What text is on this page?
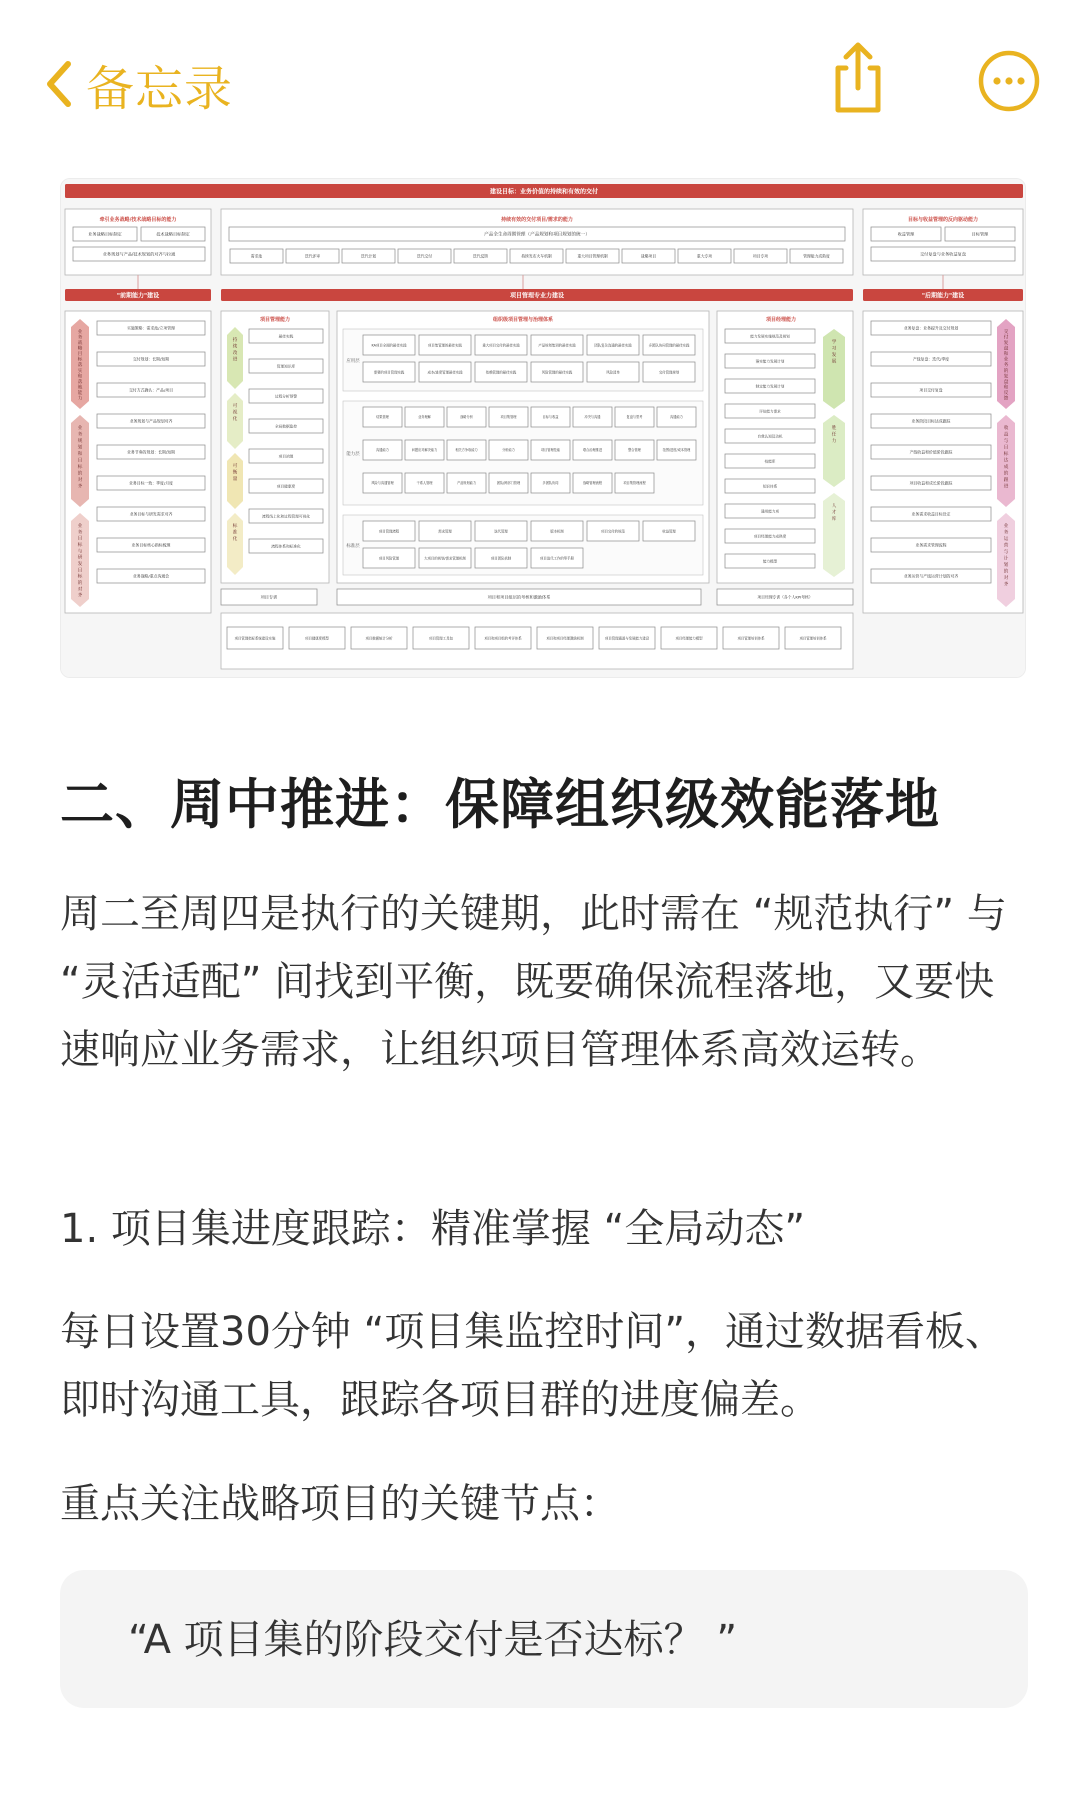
备忘录
建设目标：业务价值的持续和有效的交付
牵引业务战略/技术战略目标的能力
业务战略目标制定	技术战略目标制定
业务规划与产品/技术规划的对齐与拉通
持续有效的交付项目/需求的能力
产品全生命周期管理（产品规划和项目规划的统一）
需求池	迭代评审	迭代计划	迭代交付	迭代反馈	持续发布火车机制	重大项目管理机制	战略项目	重大专项	项目专项	管理能力成熟度
目标与收益管理的反向驱动能力
收益管理	目标管理
交付复盘与业务收益复盘
"前期能力"建设	项目管理专业力建设	"后期能力"建设
业
务
战
略
目
标
落
实
和
落
地
能
力
业
务
规
划
和
目
标
的
对
齐
业
务
目
标
与
研
发
目
标
的
对
齐
实施策略：需求池/立项管理
交付规划：长期/短期
交付方式确认：产品/项目
业务规划与产品规划对齐
业务节奏的规划：长期/短期
业务目标一致：季度/月度
业务目标与研发需求对齐
业务目标核心指标梳理
业务战略/重点沟通会
项目管理能力
持
续
改
进
可
视
化
可
衡
量
标
准
化
最佳实践
管理知识库
过程分析预警
全局数据监控
项目治理
项目健康度
流程线上化和过程管理可视化
流程体系和标准化
组织级项目管理与治理体系
应用层
能力层
标准层
KA项目全面的最佳实践	项目集管理的最佳实践	重大项目交付的最佳实践	产品规划集到的最佳实践	团队复杂沟通的最佳实践	多团队协同管理的最佳实践
需要的项目管理实践	成本/进度管理最佳实践	依赖管理的最佳实践	风险管理的最佳实践	风险清单	交付管理规划
结果管理	业务理解	战略分析	项目集管理	目标与收益	冲突与沟通	复盘与思考	沟通能力
沟通能力	问题应对解决能力	相关方争取能力	分析能力	项目管理技能	联合治理推进	整合管理	范围/进度/成本管理
风险与沟通管理	干系人管理	产品规划能力	团队/跨部门管理	多团队协同	战略管理流程	项目集管理流程
项目管理流程	需求管理	迭代管理	版本机制	项目交付的规范	收益管理
项目风险管理	大项目的规划/需求管理机制	项目团队机制	项目迭代工作的等手册
项目经理能力
能力发展实施规范及规划
落实能力发展计划
制定能力发展计划
评估能力需求
自我认知及动机
技能库
知识体系
通用能力项
项目经理能力成熟度
能力模型
学
习
发
展
胜
任
力
人
才
库
交
付
复
盘
和
业
务
的
复
盘
和
反
馈
收
益
与
目
标
达
成
的
跟
进
业
务
运
营
与
计
划
的
对
齐
业务复盘：业务提升及交付规划
产线复盘：迭代/季度
项目交付复盘
业务阶段目标达成跟踪
产线收益和价值阶段跟踪
项目收益和成长阶段跟踪
业务需求收益目标设定
业务需求管理流程
业务运营与产线运营计划的对齐
项目专训	项目和项目组层的考核和激励体系	项目经理专训（各个人KPI考核）
项目管理指标系统建设实施	项目健康度模型	项目数据统计分析	项目管理工具包	项目和项目组的考评体系	项目和项目经理激励机制	项目管理通道与发展能力建设	项目经理能力模型	项目管理培训体系	项目管理培训体系
二、周中推进：保障组织级效能落地
周二至周四是执行的关键期，此时需在 “规范执行” 与 “灵活适配” 间找到平衡，既要确保流程落地，又要快速响应业务需求，让组织项目管理体系高效运转。
1. 项目集进度跟踪：精准掌握 “全局动态”
每日设置30分钟 “项目集监控时间”，通过数据看板、即时沟通工具，跟踪各项目群的进度偏差。
重点关注战略项目的关键节点：
“A 项目集的阶段交付是否达标？ ”
